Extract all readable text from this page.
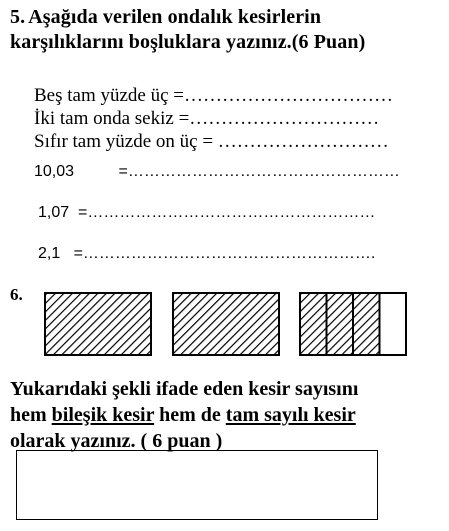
5. Aşağıda verilen ondalık kesirlerin
karşılıklarını boşluklara yazınız.(6 Puan)
Beş tam yüzde üç =……………………………
İki tam onda sekiz =…………………………
Sıfır tam yüzde on üç = ………………………
10,03          =……………………………………………
1,07  =………………………………………………
2,1   =……………………………………………….
6.
Yukarıdaki şekli ifade eden kesir sayısını
hem bileşik kesir hem de tam sayılı kesir
olarak yazınız. ( 6 puan )
